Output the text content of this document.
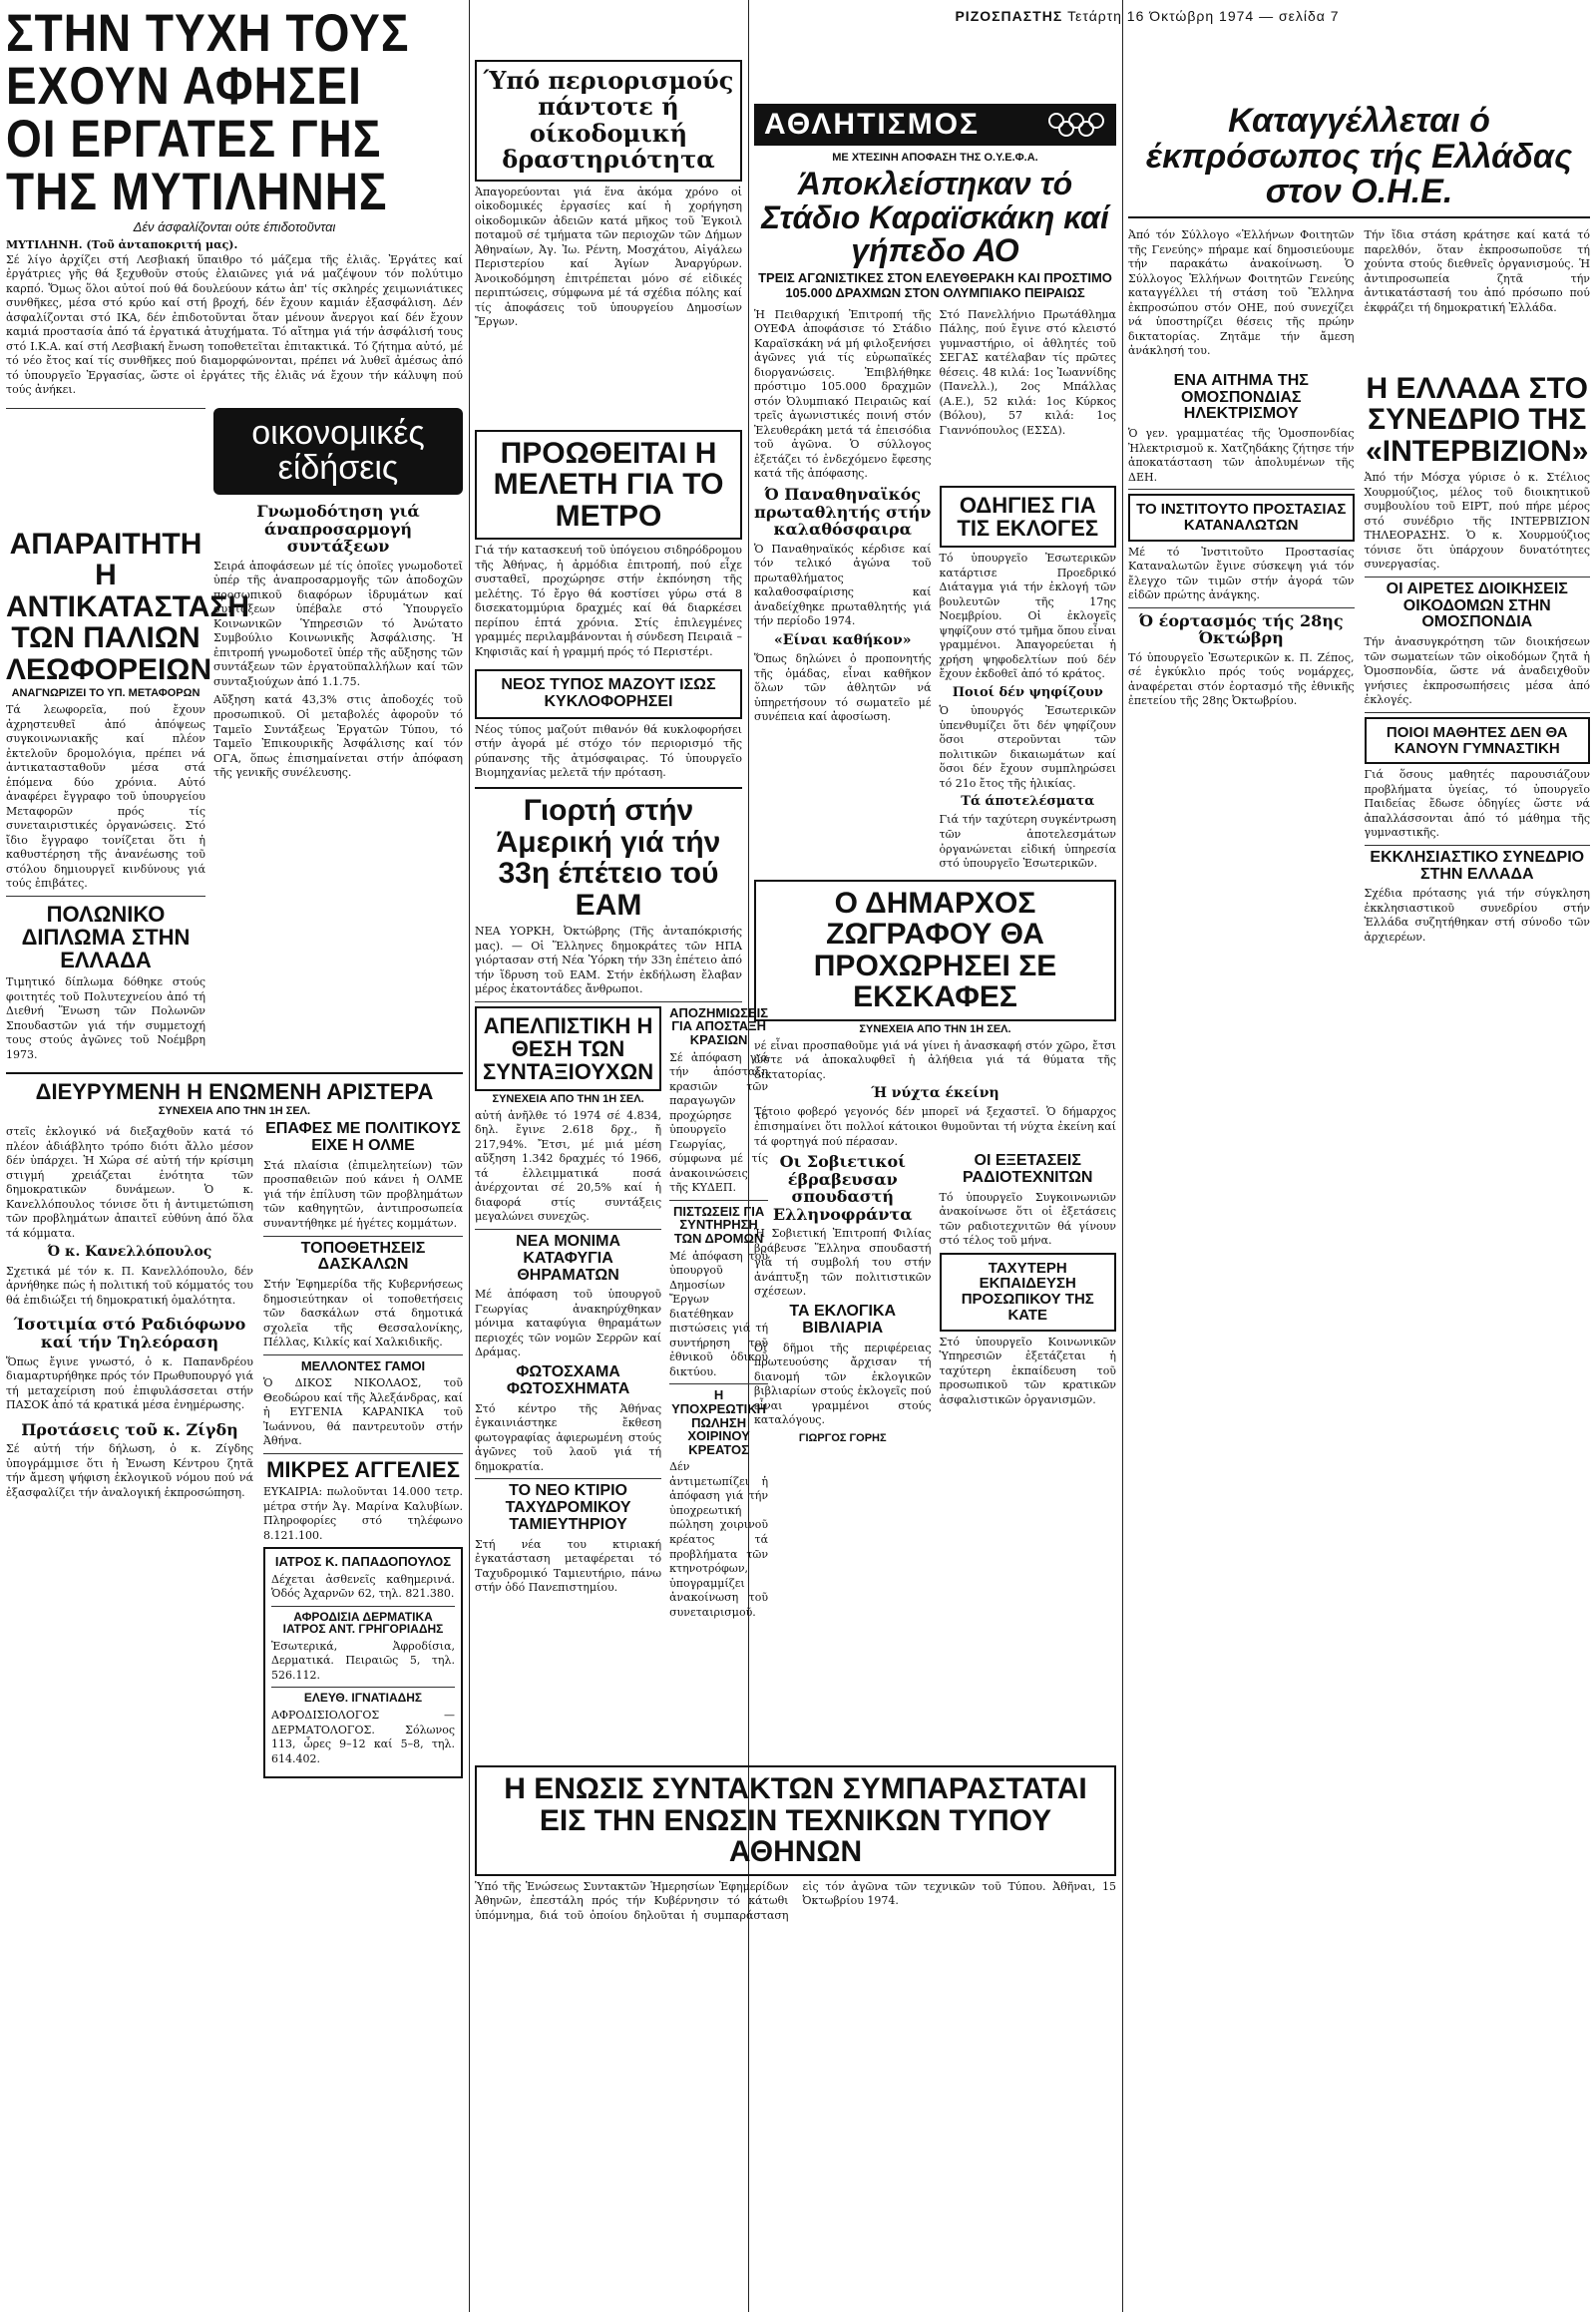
ΣΤΗΝ ΤΥΧΗ ΤΟΥΣ ΕΧΟΥΝ ΑΦΗΣΕΙ
ΟΙ ΕΡΓΑΤΕΣ ΓΗΣ ΤΗΣ ΜΥΤΙΛΗΝΗΣ
Δέν άσφαλίζονται ούτε έπιδοτοῦνται
ΜΥΤΙΛΗΝΗ. (Τοῦ ἀνταποκριτή μας).
Σέ λίγο ἀρχίζει στή Λεσβιακή ὕπαιθρο τό μάζεμα τῆς ἐλιᾶς. Ἐργάτες καί ἐργάτριες γῆς θά ξεχυθοῦν στούς ἐλαιῶνες γιά νά μαζέψουν τόν πολύτιμο καρπό. Ὅμως ὅλοι αὐτοί πού θά δουλεύουν κάτω ἀπ' τίς σκληρές χειμωνιάτικες συνθῆκες, μέσα στό κρύο καί στή βροχή, δέν ἔχουν καμιάν ἐξασφάλιση. Δέν ἀσφαλίζονται στό ΙΚΑ, δέν ἐπιδοτοῦνται ὅταν μένουν ἄνεργοι καί δέν ἔχουν καμιά προστασία ἀπό τά ἐργατικά ἀτυχήματα. Τό αἴτημα γιά τήν ἀσφάλισή τους στό Ι.Κ.Α. καί στή Λεσβιακή ἔνωση τοποθετεῖται ἐπιτακτικά. Τό ζήτημα αὐτό, μέ τό νέο ἔτος καί τίς συνθῆκες πού διαμορφώνονται, πρέπει νά λυθεῖ ἀμέσως ἀπό τό ὑπουργεῖο Ἐργασίας, ὥστε οἱ ἐργάτες τῆς ἐλιᾶς νά ἔχουν τήν κάλυψη πού τούς ἀνήκει.
ΑΠΑΡΑΙΤΗΤΗ Η ΑΝΤΙΚΑΤΑΣΤΑΣΗ ΤΩΝ ΠΑΛΙΩΝ ΛΕΩΦΟΡΕΙΩΝ
ΑΝΑΓΝΩΡΙΖΕΙ ΤΟ ΥΠ. ΜΕΤΑΦΟΡΩΝ
Τά λεωφορεῖα, πού ἔχουν ἀχρηστευθεῖ ἀπό ἀπόψεως συγκοινωνιακῆς καί πλέον ἐκτελοῦν δρομολόγια, πρέπει νά ἀντικατασταθοῦν μέσα στά ἑπόμενα δύο χρόνια. Αὐτό ἀναφέρει ἔγγραφο τοῦ ὑπουργείου Μεταφορῶν πρός τίς συνεταιριστικές ὀργανώσεις. Στό ἴδιο ἔγγραφο τονίζεται ὅτι ἡ καθυστέρηση τῆς ἀνανέωσης τοῦ στόλου δημιουργεῖ κινδύνους γιά τούς ἐπιβάτες.
ΠΟΛΩΝΙΚΟ ΔΙΠΛΩΜΑ ΣΤΗΝ ΕΛΛΑΔΑ
Τιμητικό δίπλωμα δόθηκε στούς φοιτητές τοῦ Πολυτεχνείου ἀπό τή Διεθνή Ἕνωση τῶν Πολωνῶν Σπουδαστῶν γιά τήν συμμετοχή τους στούς ἀγῶνες τοῦ Νοέμβρη 1973.
οικονομικές είδήσεις
Γνωμοδότηση γιά άναπροσαρμογή συντάξεων
Σειρά ἀποφάσεων μέ τίς ὁποῖες γνωμοδοτεῖ ὑπέρ τῆς ἀναπροσαρμογῆς τῶν ἀποδοχῶν προσωπικοῦ διαφόρων ἱδρυμάτων καί συντάξεων ὑπέβαλε στό Ὑπουργεῖο Κοινωνικῶν Ὑπηρεσιῶν τό Ἀνώτατο Συμβούλιο Κοινωνικῆς Ἀσφάλισης. Ἡ ἐπιτροπή γνωμοδοτεῖ ὑπέρ τῆς αὔξησης τῶν συντάξεων τῶν ἐργατοϋπαλλήλων καί τῶν συνταξιούχων ἀπό 1.1.75.
Αὔξηση κατά 43,3% στις ἀποδοχές τοῦ προσωπικοῦ. Οἱ μεταβολές ἀφοροῦν τό Ταμεῖο Συντάξεως Ἐργατῶν Τύπου, τό Ταμεῖο Ἐπικουρικῆς Ἀσφάλισης καί τόν ΟΓΑ, ὅπως ἐπισημαίνεται στήν ἀπόφαση τῆς γενικῆς συνέλευσης.
ΔΙΕΥΡΥΜΕΝΗ Η ΕΝΩΜΕΝΗ ΑΡΙΣΤΕΡΑ
ΣΥΝΕΧΕΙΑ ΑΠΟ ΤΗΝ 1Η ΣΕΛ.
στεῖς ἐκλογικό νά διεξαχθοῦν κατά τό πλέον ἀδιάβλητο τρόπο διότι ἄλλο μέσον δέν ὑπάρχει. Ἡ Χώρα σέ αὐτή τήν κρίσιμη στιγμή χρειάζεται ἑνότητα τῶν δημοκρατικῶν δυνάμεων. Ὁ κ. Κανελλόπουλος τόνισε ὅτι ἡ ἀντιμετώπιση τῶν προβλημάτων ἀπαιτεῖ εὐθύνη ἀπό ὅλα τά κόμματα.
Ό κ. Κανελλόπουλος
Σχετικά μέ τόν κ. Π. Κανελλόπουλο, δέν ἀρνήθηκε πώς ἡ πολιτική τοῦ κόμματός του θά ἐπιδιώξει τή δημοκρατική ὁμαλότητα.
Ίσοτιμία στό Ραδιόφωνο καί τήν Τηλεόραση
Ὅπως ἔγινε γνωστό, ὁ κ. Παπανδρέου διαμαρτυρήθηκε πρός τόν Πρωθυπουργό γιά τή μεταχείριση πού ἐπιφυλάσσεται στήν ΠΑΣΟΚ ἀπό τά κρατικά μέσα ἐνημέρωσης.
Προτάσεις τοῦ κ. Ζίγδη
Σέ αὐτή τήν δήλωση, ὁ κ. Ζίγδης ὑπογράμμισε ὅτι ἡ Ἑνωση Κέντρου ζητᾶ τήν ἄμεση ψήφιση ἐκλογικοῦ νόμου πού νά ἐξασφαλίζει τήν ἀναλογική ἐκπροσώπηση.
ΕΠΑΦΕΣ ΜΕ ΠΟΛΙΤΙΚΟΥΣ ΕΙΧΕ Η ΟΛΜΕ
Στά πλαίσια (ἐπιμελητείων) τῶν προσπαθειῶν πού κάνει ἡ ΟΛΜΕ γιά τήν ἐπίλυση τῶν προβλημάτων τῶν καθηγητῶν, ἀντιπροσωπεία συναντήθηκε μέ ἡγέτες κομμάτων.
ΤΟΠΟΘΕΤΗΣΕΙΣ ΔΑΣΚΑΛΩΝ
Στήν Ἐφημερίδα τῆς Κυβερνήσεως δημοσιεύτηκαν οἱ τοποθετήσεις τῶν δασκάλων στά δημοτικά σχολεῖα τῆς Θεσσαλονίκης, Πέλλας, Κιλκίς καί Χαλκιδικῆς.
ΜΕΛΛΟΝΤΕΣ ΓΑΜΟΙ
Ὁ ΔΙΚΟΣ ΝΙΚΟΛΑΟΣ, τοῦ Θεοδώρου καί τῆς Ἀλεξάνδρας, καί ἡ ΕΥΓΕΝΙΑ ΚΑΡΑΝΙΚΑ τοῦ Ἰωάννου, θά παντρευτοῦν στήν Ἀθήνα.
ΜΙΚΡΕΣ ΑΓΓΕΛΙΕΣ
ΕΥΚΑΙΡΙΑ: πωλοῦνται 14.000 τετρ. μέτρα στήν Ἀγ. Μαρίνα Καλυβίων. Πληροφορίες στό τηλέφωνο 8.121.100.
ΙΑΤΡΟΣ Κ. ΠΑΠΑΔΟΠΟΥΛΟΣ
Δέχεται ἀσθενεῖς καθημερινά. Ὁδός Ἀχαρνῶν 62, τηλ. 821.380.
ΑΦΡΟΔΙΣΙΑ ΔΕΡΜΑΤΙΚΑ ΙΑΤΡΟΣ ΑΝΤ. ΓΡΗΓΟΡΙΑΔΗΣ
Ἐσωτερικά, Ἀφροδίσια, Δερματικά. Πειραιῶς 5, τηλ. 526.112.
ΕΛΕΥΘ. ΙΓΝΑΤΙΑΔΗΣ
ΑΦΡΟΔΙΣΙΟΛΟΓΟΣ — ΔΕΡΜΑΤΟΛΟΓΟΣ. Σόλωνος 113, ὧρες 9–12 καί 5–8, τηλ. 614.402.
Ύπό περιορισμούς πάντοτε ή οίκοδομική δραστηριότητα
Ἀπαγορεύονται γιά ἕνα ἀκόμα χρόνο οἱ οἰκοδομικές ἐργασίες καί ἡ χορήγηση οἰκοδομικῶν ἀδειῶν κατά μῆκος τοῦ Ἐγκοιλ ποταμοῦ σέ τμήματα τῶν περιοχῶν τῶν Δήμων Ἀθηναίων, Ἀγ. Ἰω. Ρέντη, Μοσχάτου, Αἰγάλεω Περιστερίου καί Ἁγίων Ἀναργύρων. Ἀνοικοδόμηση ἐπιτρέπεται μόνο σέ εἰδικές περιπτώσεις, σύμφωνα μέ τά σχέδια πόλης καί τίς ἀποφάσεις τοῦ ὑπουργείου Δημοσίων Ἔργων.
ΠΡΟΩΘΕΙΤΑΙ Η ΜΕΛΕΤΗ ΓΙΑ ΤΟ ΜΕΤΡΟ
Γιά τήν κατασκευή τοῦ ὑπόγειου σιδηρόδρομου τῆς Ἀθήνας, ἡ ἀρμόδια ἐπιτροπή, πού εἶχε συσταθεῖ, προχώρησε στήν ἐκπόνηση τῆς μελέτης. Τό ἔργο θά κοστίσει γύρω στά 8 δισεκατομμύρια δραχμές καί θά διαρκέσει περίπου ἑπτά χρόνια. Στίς ἐπιλεγμένες γραμμές περιλαμβάνονται ἡ σύνδεση Πειραιᾶ – Κηφισιᾶς καί ἡ γραμμή πρός τό Περιστέρι.
ΝΕΟΣ ΤΥΠΟΣ ΜΑΖΟΥΤ ΙΣΩΣ ΚΥΚΛΟΦΟΡΗΣΕΙ
Νέος τύπος μαζούτ πιθανόν θά κυκλοφορήσει στήν ἀγορά μέ στόχο τόν περιορισμό τῆς ρύπανσης τῆς ἀτμόσφαιρας. Τό ὑπουργεῖο Βιομηχανίας μελετᾶ τήν πρόταση.
Γιορτή στήν Άμερική γιά τήν 33η έπέτειο τού ΕΑΜ
ΝΕΑ ΥΟΡΚΗ, Ὀκτώβρης (Τῆς ἀνταπόκρισής μας). — Οἱ Ἕλληνες δημοκράτες τῶν ΗΠΑ γιόρτασαν στή Νέα Ὑόρκη τήν 33η ἐπέτειο ἀπό τήν ἵδρυση τοῦ ΕΑΜ. Στήν ἐκδήλωση ἔλαβαν μέρος ἑκατοντάδες ἄνθρωποι.
ΑΠΕΛΠΙΣΤΙΚΗ Η ΘΕΣΗ ΤΩΝ ΣΥΝΤΑΞΙΟΥΧΩΝ
ΣΥΝΕΧΕΙΑ ΑΠΟ ΤΗΝ 1Η ΣΕΛ.
αὐτή ἀνῆλθε τό 1974 σέ 4.834, δηλ. ἔγινε 2.618 δρχ., ἤ 217,94%. Ἔτσι, μέ μιά μέση αὔξηση 1.342 δραχμές τό 1966, τά ἐλλειμματικά ποσά ἀνέρχονται σέ 20,5% καί ἡ διαφορά στίς συντάξεις μεγαλώνει συνεχῶς.
ΝΕΑ ΜΟΝΙΜΑ ΚΑΤΑΦΥΓΙΑ ΘΗΡΑΜΑΤΩΝ
Μέ ἀπόφαση τοῦ ὑπουργοῦ Γεωργίας ἀνακηρύχθηκαν μόνιμα καταφύγια θηραμάτων περιοχές τῶν νομῶν Σερρῶν καί Δράμας.
ΦΩΤΟΣΧΑΜΑ ΦΩΤΟΣΧΗΜΑΤΑ
Στό κέντρο τῆς Ἀθήνας ἐγκαινιάστηκε ἔκθεση φωτογραφίας ἀφιερωμένη στούς ἀγῶνες τοῦ λαοῦ γιά τή δημοκρατία.
ΤΟ ΝΕΟ ΚΤΙΡΙΟ ΤΑΧΥΔΡΟΜΙΚΟΥ ΤΑΜΙΕΥΤΗΡΙΟΥ
Στή νέα του κτιριακή ἐγκατάσταση μεταφέρεται τό Ταχυδρομικό Ταμιευτήριο, πάνω στήν ὁδό Πανεπιστημίου.
ΑΠΟΖΗΜΙΩΣΕΙΣ ΓΙΑ ΑΠΟΣΤΑΞΗ ΚΡΑΣΙΩΝ
Σέ ἀπόφαση γιά τήν ἀπόσταξη κρασιῶν τῶν παραγωγῶν προχώρησε τό ὑπουργεῖο Γεωργίας, σύμφωνα μέ τίς ἀνακοινώσεις τῆς ΚΥΔΕΠ.
ΠΙΣΤΩΣΕΙΣ ΓΙΑ ΣΥΝΤΗΡΗΣΗ ΤΩΝ ΔΡΟΜΩΝ
Μέ ἀπόφαση τοῦ ὑπουργοῦ Δημοσίων Ἔργων διατέθηκαν πιστώσεις γιά τή συντήρηση τοῦ ἐθνικοῦ ὁδικοῦ δικτύου.
Η ΥΠΟΧΡΕΩΤΙΚΗ ΠΩΛΗΣΗ ΧΟΙΡΙΝΟΥ ΚΡΕΑΤΟΣ
Δέν ἀντιμετωπίζει ἡ ἀπόφαση γιά τήν ὑποχρεωτική πώληση χοιρινοῦ κρέατος τά προβλήματα τῶν κτηνοτρόφων, ὑπογραμμίζει ἀνακοίνωση τοῦ συνεταιρισμοῦ.
ΡΙΖΟΣΠΑΣΤΗΣ Τετάρτη 16 Όκτώβρη 1974 — σελίδα 7
ΑΘΛΗΤΙΣΜΟΣ
ΜΕ ΧΤΕΣΙΝΗ ΑΠΟΦΑΣΗ ΤΗΣ Ο.Υ.Ε.Φ.Α.
Άποκλείστηκαν τό Στάδιο Καραϊσκάκη καί γήπεδο ΑΟ
ΤΡΕΙΣ ΑΓΩΝΙΣΤΙΚΕΣ ΣΤΟΝ ΕΛΕΥΘΕΡΑΚΗ ΚΑΙ ΠΡΟΣΤΙΜΟ 105.000 ΔΡΑΧΜΩΝ ΣΤΟΝ ΟΛΥΜΠΙΑΚΟ ΠΕΙΡΑΙΩΣ
Ἡ Πειθαρχική Ἐπιτροπή τῆς ΟΥΕΦΑ ἀποφάσισε τό Στάδιο Καραϊσκάκη νά μή φιλοξενήσει ἀγῶνες γιά τίς εὐρωπαϊκές διοργανώσεις. Ἐπιβλήθηκε πρόστιμο 105.000 δραχμῶν στόν Ὀλυμπιακό Πειραιῶς καί τρεῖς ἀγωνιστικές ποινή στόν Ἐλευθεράκη μετά τά ἐπεισόδια τοῦ ἀγῶνα. Ὁ σύλλογος ἐξετάζει τό ἐνδεχόμενο ἔφεσης κατά τῆς ἀπόφασης.
Στό Πανελλήνιο Πρωτάθλημα Πάλης, πού ἔγινε στό κλειστό γυμναστήριο, οἱ ἀθλητές τοῦ ΣΕΓΑΣ κατέλαβαν τίς πρῶτες θέσεις. 48 κιλά: 1ος Ἰωαννίδης (Πανελλ.), 2ος Μπάλλας (Α.Ε.), 52 κιλά: 1ος Κύρκος (Βόλου), 57 κιλά: 1ος Γιαννόπουλος (ΕΣΣΔ).
Ό Παναθηναϊκός πρωταθλητής στήν καλαθόσφαιρα
Ὁ Παναθηναϊκός κέρδισε καί τόν τελικό ἀγώνα τοῦ πρωταθλήματος καλαθοσφαίρισης καί ἀναδείχθηκε πρωταθλητής γιά τήν περίοδο 1974.
«Είναι καθήκον»
Ὅπως δηλώνει ὁ προπονητής τῆς ὁμάδας, εἶναι καθῆκον ὅλων τῶν ἀθλητῶν νά ὑπηρετήσουν τό σωματεῖο μέ συνέπεια καί ἀφοσίωση.
ΟΔΗΓΙΕΣ ΓΙΑ ΤΙΣ ΕΚΛΟΓΕΣ
Τό ὑπουργεῖο Ἐσωτερικῶν κατάρτισε Προεδρικό Διάταγμα γιά τήν ἐκλογή τῶν βουλευτῶν τῆς 17ης Νοεμβρίου. Οἱ ἐκλογεῖς ψηφίζουν στό τμῆμα ὅπου εἶναι γραμμένοι. Ἀπαγορεύεται ἡ χρήση ψηφοδελτίων πού δέν ἔχουν ἐκδοθεῖ ἀπό τό κράτος.
Ποιοί δέν ψηφίζουν
Ὁ ὑπουργός Ἐσωτερικῶν ὑπενθυμίζει ὅτι δέν ψηφίζουν ὅσοι στεροῦνται τῶν πολιτικῶν δικαιωμάτων καί ὅσοι δέν ἔχουν συμπληρώσει τό 21ο ἔτος τῆς ἡλικίας.
Τά άποτελέσματα
Γιά τήν ταχύτερη συγκέντρωση τῶν ἀποτελεσμάτων ὀργανώνεται εἰδική ὑπηρεσία στό ὑπουργεῖο Ἐσωτερικῶν.
Ο ΔΗΜΑΡΧΟΣ ΖΩΓΡΑΦΟΥ ΘΑ ΠΡΟΧΩΡΗΣΕΙ ΣΕ ΕΚΣΚΑΦΕΣ
ΣΥΝΕΧΕΙΑ ΑΠΟ ΤΗΝ 1Η ΣΕΛ.
νέ εἶναι προσπαθοῦμε γιά νά γίνει ἡ ἀνασκαφή στόν χῶρο, ἔτσι ὥστε νά ἀποκαλυφθεῖ ἡ ἀλήθεια γιά τά θύματα τῆς δικτατορίας.
Ή νύχτα έκείνη
Τέτοιο φοβερό γεγονός δέν μπορεῖ νά ξεχαστεῖ. Ὁ δήμαρχος ἐπισημαίνει ὅτι πολλοί κάτοικοι θυμοῦνται τή νύχτα ἐκείνη καί τά φορτηγά πού πέρασαν.
Οι Σοβιετικοί έβραβευσαν σπουδαστή Ελληνοφράντα
Ἡ Σοβιετική Ἐπιτροπή Φιλίας βράβευσε Ἕλληνα σπουδαστή γιά τή συμβολή του στήν ἀνάπτυξη τῶν πολιτιστικῶν σχέσεων.
ΤΑ ΕΚΛΟΓΙΚΑ ΒΙΒΛΙΑΡΙΑ
Οἱ δῆμοι τῆς περιφέρειας πρωτευούσης ἄρχισαν τή διανομή τῶν ἐκλογικῶν βιβλιαρίων στούς ἐκλογεῖς πού εἶναι γραμμένοι στούς καταλόγους.
ΓΙΩΡΓΟΣ ΓΟΡΗΣ
ΟΙ ΕΞΕΤΑΣΕΙΣ ΡΑΔΙΟΤΕΧΝΙΤΩΝ
Τό ὑπουργεῖο Συγκοινωνιῶν ἀνακοίνωσε ὅτι οἱ ἐξετάσεις τῶν ραδιοτεχνιτῶν θά γίνουν στό τέλος τοῦ μήνα.
ΤΑΧΥΤΕΡΗ ΕΚΠΑΙΔΕΥΣΗ ΠΡΟΣΩΠΙΚΟΥ ΤΗΣ ΚΑΤΕ
Στό ὑπουργεῖο Κοινωνικῶν Ὑπηρεσιῶν ἐξετάζεται ἡ ταχύτερη ἐκπαίδευση τοῦ προσωπικοῦ τῶν κρατικῶν ἀσφαλιστικῶν ὀργανισμῶν.
Η ΕΝΩΣΙΣ ΣΥΝΤΑΚΤΩΝ ΣΥΜΠΑΡΑΣΤΑΤΑΙ ΕΙΣ ΤΗΝ ΕΝΩΣΙΝ ΤΕΧΝΙΚΩΝ ΤΥΠΟΥ ΑΘΗΝΩΝ
Ὑπό τῆς Ἑνώσεως Συντακτῶν Ἡμερησίων Ἐφημερίδων Ἀθηνῶν, ἐπεστάλη πρός τήν Κυβέρνησιν τό κάτωθι ὑπόμνημα, διά τοῦ ὁποίου δηλοῦται ἡ συμπαράσταση εἰς τόν ἀγῶνα τῶν τεχνικῶν τοῦ Τύπου. Ἀθῆναι, 15 Ὀκτωβρίου 1974.
Καταγγέλλεται ό έκπρόσωπος τής Ελλάδας στον Ο.Η.Ε.
Ἀπό τόν Σύλλογο «Ἑλλήνων Φοιτητῶν τῆς Γενεύης» πήραμε καί δημοσιεύουμε τήν παρακάτω ἀνακοίνωση. Ὁ Σύλλογος Ἑλλήνων Φοιτητῶν Γενεύης καταγγέλλει τή στάση τοῦ Ἕλληνα ἐκπροσώπου στόν ΟΗΕ, πού συνεχίζει νά ὑποστηρίζει θέσεις τῆς πρώην δικτατορίας. Ζητᾶμε τήν ἄμεση ἀνάκλησή του.
Τήν ἴδια στάση κράτησε καί κατά τό παρελθόν, ὅταν ἐκπροσωποῦσε τή χούντα στούς διεθνεῖς ὀργανισμούς. Ἡ ἀντιπροσωπεία ζητᾶ τήν ἀντικατάστασή του ἀπό πρόσωπο πού ἐκφράζει τή δημοκρατική Ἑλλάδα.
ΕΝΑ ΑΙΤΗΜΑ ΤΗΣ ΟΜΟΣΠΟΝΔΙΑΣ ΗΛΕΚΤΡΙΣΜΟΥ
Ὁ γεν. γραμματέας τῆς Ὁμοσπονδίας Ἠλεκτρισμοῦ κ. Χατζηδάκης ζήτησε τήν ἀποκατάσταση τῶν ἀπολυμένων τῆς ΔΕΗ.
ΤΟ ΙΝΣΤΙΤΟΥΤΟ ΠΡΟΣΤΑΣΙΑΣ ΚΑΤΑΝΑΛΩΤΩΝ
Μέ τό Ἰνστιτοῦτο Προστασίας Καταναλωτῶν ἔγινε σύσκεψη γιά τόν ἔλεγχο τῶν τιμῶν στήν ἀγορά τῶν εἰδῶν πρώτης ἀνάγκης.
Ό έορτασμός τής 28ης Όκτώβρη
Τό ὑπουργεῖο Ἐσωτερικῶν κ. Π. Ζέπος, σέ ἐγκύκλιο πρός τούς νομάρχες, ἀναφέρεται στόν ἑορτασμό τῆς ἐθνικῆς ἐπετείου τῆς 28ης Ὀκτωβρίου.
Η ΕΛΛΑΔΑ ΣΤΟ ΣΥΝΕΔΡΙΟ ΤΗΣ «ΙΝΤΕΡΒΙΖΙΟΝ»
Ἀπό τήν Μόσχα γύρισε ὁ κ. Στέλιος Χουρμούζιος, μέλος τοῦ διοικητικοῦ συμβουλίου τοῦ ΕΙΡΤ, πού πήρε μέρος στό συνέδριο τῆς ΙΝΤΕΡΒΙΖΙΟΝ ΤΗΛΕΟΡΑΣΗΣ. Ὁ κ. Χουρμούζιος τόνισε ὅτι ὑπάρχουν δυνατότητες συνεργασίας.
ΟΙ ΑΙΡΕΤΕΣ ΔΙΟΙΚΗΣΕΙΣ ΟΙΚΟΔΟΜΩΝ ΣΤΗΝ ΟΜΟΣΠΟΝΔΙΑ
Τήν ἀνασυγκρότηση τῶν διοικήσεων τῶν σωματείων τῶν οἰκοδόμων ζητᾶ ἡ Ὁμοσπονδία, ὥστε νά ἀναδειχθοῦν γνήσιες ἐκπροσωπήσεις μέσα ἀπό ἐκλογές.
ΠΟΙΟΙ ΜΑΘΗΤΕΣ ΔΕΝ ΘΑ ΚΑΝΟΥΝ ΓΥΜΝΑΣΤΙΚΗ
Γιά ὅσους μαθητές παρουσιάζουν προβλήματα ὑγείας, τό ὑπουργεῖο Παιδείας ἔδωσε ὁδηγίες ὥστε νά ἀπαλλάσσονται ἀπό τό μάθημα τῆς γυμναστικῆς.
ΕΚΚΛΗΣΙΑΣΤΙΚΟ ΣΥΝΕΔΡΙΟ ΣΤΗΝ ΕΛΛΑΔΑ
Σχέδια πρότασης γιά τήν σύγκληση ἐκκλησιαστικοῦ συνεδρίου στήν Ἑλλάδα συζητήθηκαν στή σύνοδο τῶν ἀρχιερέων.
